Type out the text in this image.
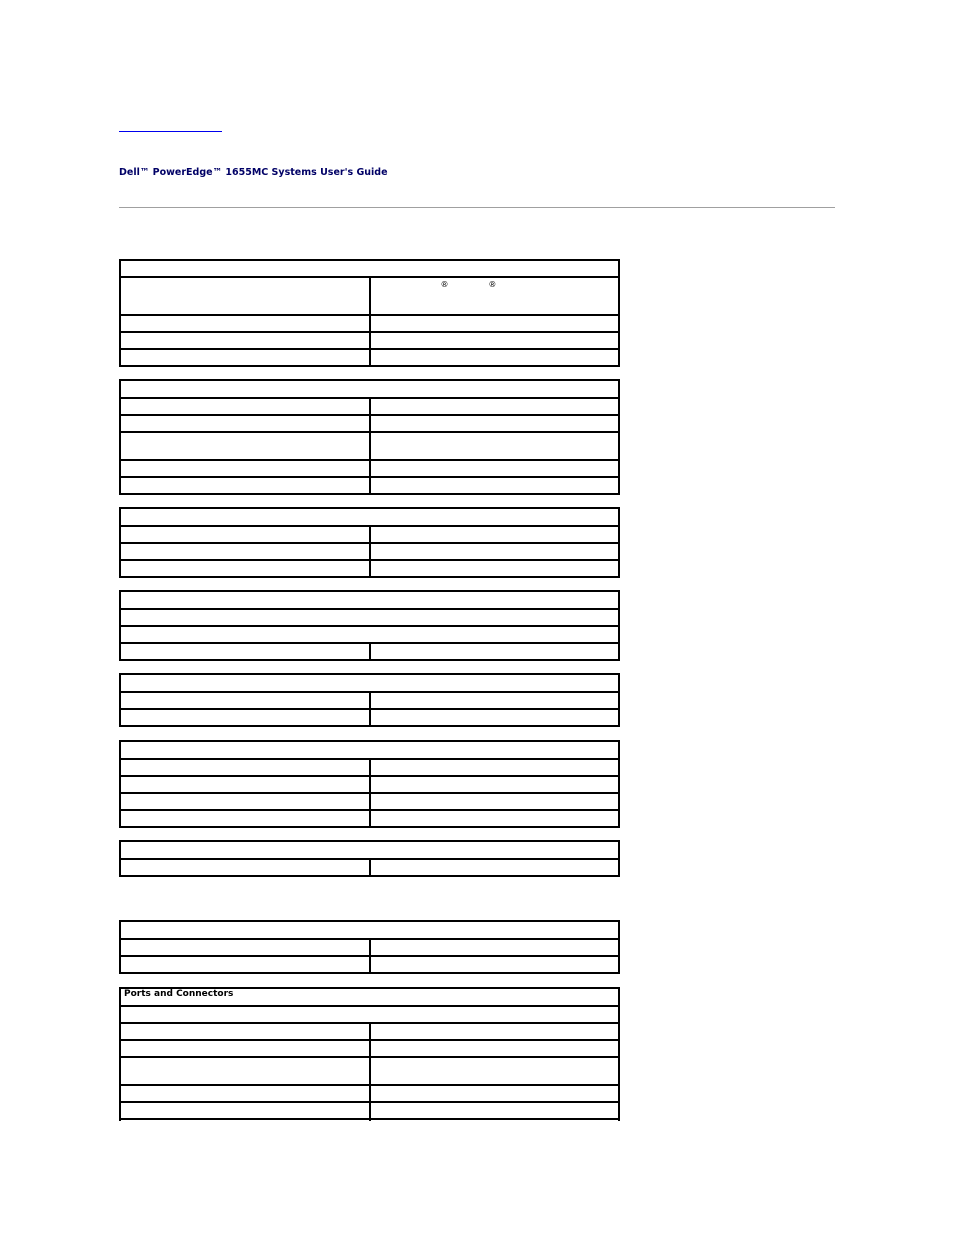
Dell™ PowerEdge™ 1655MC Systems User's Guide

	® ®

Ports and Connectors	
